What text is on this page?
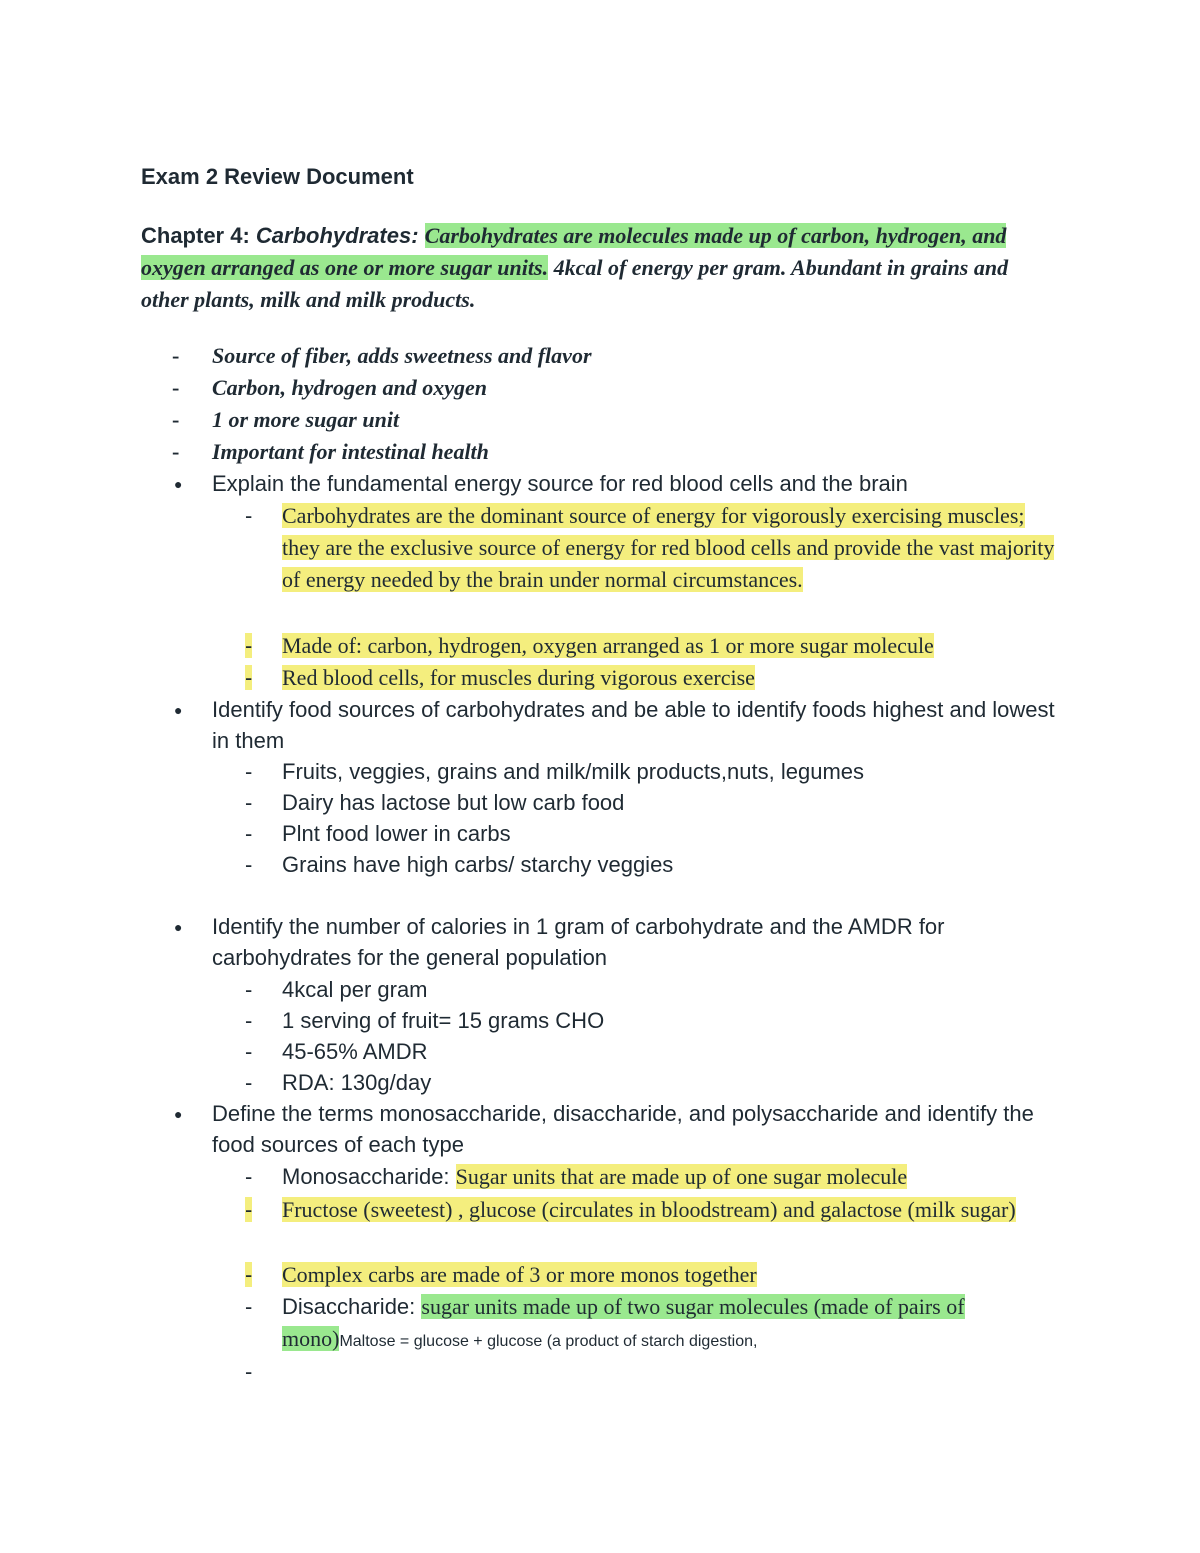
Exam 2 Review Document

Chapter 4: Carbohydrates: Carbohydrates are molecules made up of carbon, hydrogen, and oxygen arranged as one or more sugar units. 4kcal of energy per gram. Abundant in grains and other plants, milk and milk products.

- Source of fiber, adds sweetness and flavor
- Carbon, hydrogen and oxygen
- 1 or more sugar unit
- Important for intestinal health
● Explain the fundamental energy source for red blood cells and the brain
- Carbohydrates are the dominant source of energy for vigorously exercising muscles; they are the exclusive source of energy for red blood cells and provide the vast majority of energy needed by the brain under normal circumstances.
- Made of: carbon, hydrogen, oxygen arranged as 1 or more sugar molecule
- Red blood cells, for muscles during vigorous exercise
● Identify food sources of carbohydrates and be able to identify foods highest and lowest in them
- Fruits, veggies, grains and milk/milk products,nuts, legumes
- Dairy has lactose but low carb food
- Plnt food lower in carbs
- Grains have high carbs/ starchy veggies
● Identify the number of calories in 1 gram of carbohydrate and the AMDR for carbohydrates for the general population
- 4kcal per gram
- 1 serving of fruit= 15 grams CHO
- 45-65% AMDR
- RDA: 130g/day
● Define the terms monosaccharide, disaccharide, and polysaccharide and identify the food sources of each type
- Monosaccharide: Sugar units that are made up of one sugar molecule
- Fructose (sweetest) , glucose (circulates in bloodstream) and galactose (milk sugar)
- Complex carbs are made of 3 or more monos together
- Disaccharide: sugar units made up of two sugar molecules (made of pairs of mono)Maltose = glucose + glucose (a product of starch digestion,
-
